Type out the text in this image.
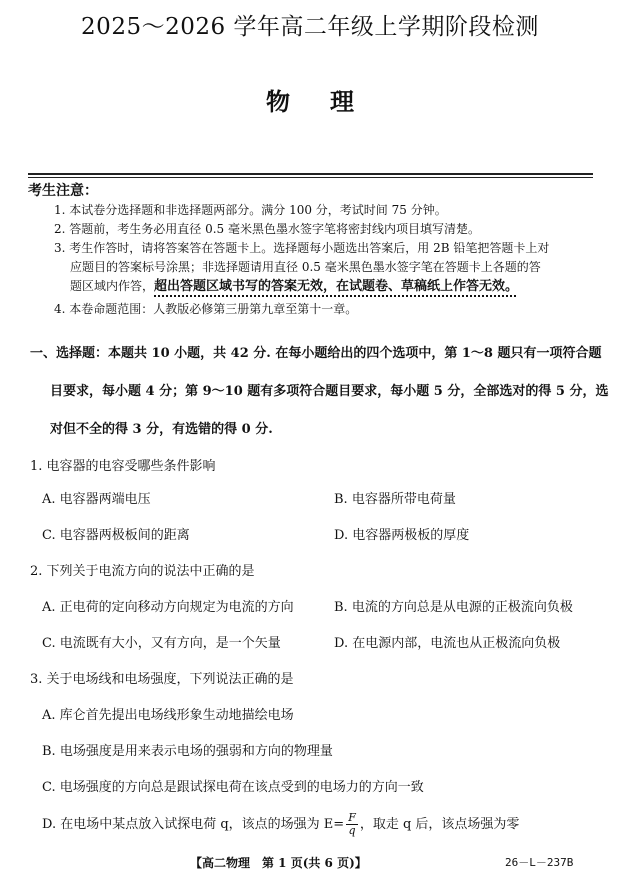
2025～2026 学年高二年级上学期阶段检测
物理
考生注意：
1. 本试卷分选择题和非选择题两部分。满分 100 分，考试时间 75 分钟。
2. 答题前，考生务必用直径 0.5 毫米黑色墨水签字笔将密封线内项目填写清楚。
3. 考生作答时，请将答案答在答题卡上。选择题每小题选出答案后，用 2B 铅笔把答题卡上对
应题目的答案标号涂黑；非选择题请用直径 0.5 毫米黑色墨水签字笔在答题卡上各题的答
题区域内作答，超出答题区域书写的答案无效，在试题卷、草稿纸上作答无效。
4. 本卷命题范围：人教版必修第三册第九章至第十一章。
一、选择题：本题共 10 小题，共 42 分. 在每小题给出的四个选项中，第 1～8 题只有一项符合题
目要求，每小题 4 分；第 9～10 题有多项符合题目要求，每小题 5 分，全部选对的得 5 分，选
对但不全的得 3 分，有选错的得 0 分.
1. 电容器的电容受哪些条件影响
A. 电容器两端电压	B. 电容器所带电荷量
C. 电容器两极板间的距离	D. 电容器两极板的厚度
2. 下列关于电流方向的说法中正确的是
A. 正电荷的定向移动方向规定为电流的方向	B. 电流的方向总是从电源的正极流向负极
C. 电流既有大小，又有方向，是一个矢量	D. 在电源内部，电流也从正极流向负极
3. 关于电场线和电场强度，下列说法正确的是
A. 库仑首先提出电场线形象生动地描绘电场
B. 电场强度是用来表示电场的强弱和方向的物理量
C. 电场强度的方向总是跟试探电荷在该点受到的电场力的方向一致
D. 在电场中某点放入试探电荷 q，该点的场强为 $E= \frac{F}{q}$ ，取走 q 后，该点场强为零
【高二物理　第 1 页(共 6 页)】	26－L－237B
